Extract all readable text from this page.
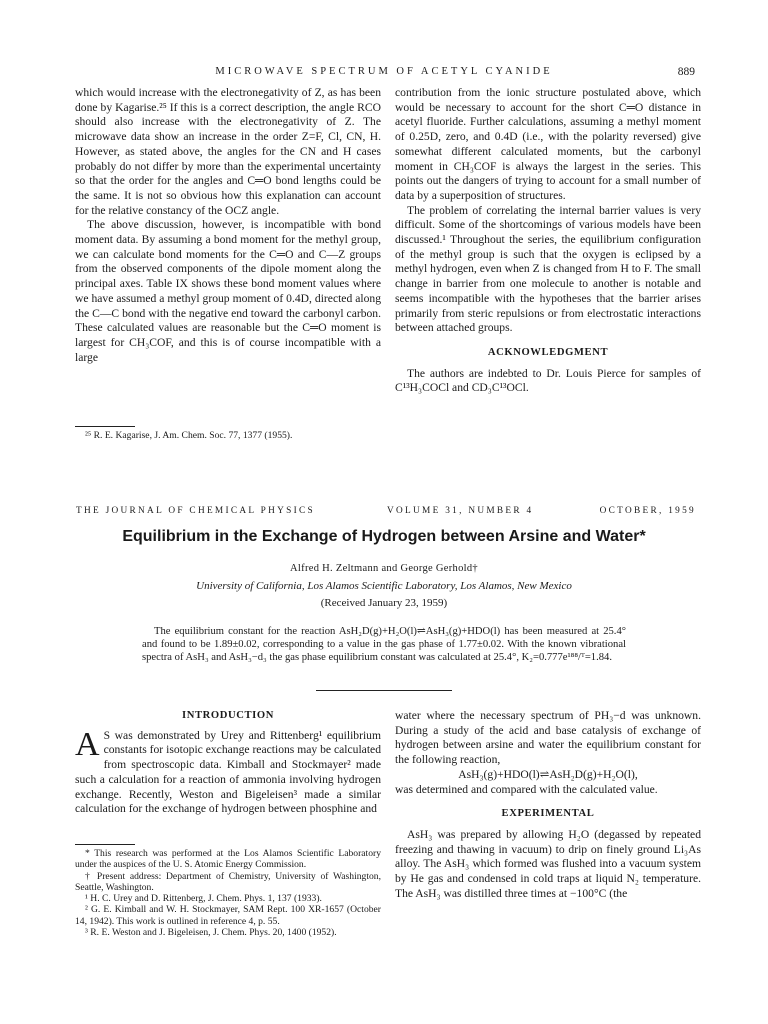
MICROWAVE SPECTRUM OF ACETYL CYANIDE	889

which would increase with the electronegativity of Z, as has been done by Kagarise.²⁵ If this is a correct description, the angle RCO should also increase with the electronegativity of Z. The microwave data show an increase in the order Z=F, Cl, CN, H. However, as stated above, the angles for the CN and H cases probably do not differ by more than the experimental uncertainty so that the order for the angles and C═O bond lengths could be the same. It is not so obvious how this explanation can account for the relative constancy of the OCZ angle.

The above discussion, however, is incompatible with bond moment data. By assuming a bond moment for the methyl group, we can calculate bond moments for the C═O and C—Z groups from the observed components of the dipole moment along the principal axes. Table IX shows these bond moment values where we have assumed a methyl group moment of 0.4D, directed along the C—C bond with the negative end toward the carbonyl carbon. These calculated values are reasonable but the C═O moment is largest for CH₃COF, and this is of course incompatible with a large

²⁵ R. E. Kagarise, J. Am. Chem. Soc. 77, 1377 (1955).

contribution from the ionic structure postulated above, which would be necessary to account for the short C═O distance in acetyl fluoride. Further calculations, assuming a methyl moment of 0.25D, zero, and 0.4D (i.e., with the polarity reversed) give somewhat different calculated moments, but the carbonyl moment in CH₃COF is always the largest in the series. This points out the dangers of trying to account for a small number of data by a superposition of structures.

The problem of correlating the internal barrier values is very difficult. Some of the shortcomings of various models have been discussed.¹ Throughout the series, the equilibrium configuration of the methyl group is such that the oxygen is eclipsed by a methyl hydrogen, even when Z is changed from H to F. The small change in barrier from one molecule to another is notable and seems incompatible with the hypotheses that the barrier arises primarily from steric repulsions or from electrostatic interactions between attached groups.

ACKNOWLEDGMENT

The authors are indebted to Dr. Louis Pierce for samples of C¹³H₃COCl and CD₃C¹³OCl.

THE JOURNAL OF CHEMICAL PHYSICS	VOLUME 31, NUMBER 4	OCTOBER, 1959
Equilibrium in the Exchange of Hydrogen between Arsine and Water*
Alfred H. Zeltmann and George Gerhold†
University of California, Los Alamos Scientific Laboratory, Los Alamos, New Mexico
(Received January 23, 1959)

The equilibrium constant for the reaction AsH₂D(g)+H₂O(l)⇌AsH₃(g)+HDO(l) has been measured at 25.4° and found to be 1.89±0.02, corresponding to a value in the gas phase of 1.77±0.02. With the known vibrational spectra of AsH₃ and AsH₃−d₃ the gas phase equilibrium constant was calculated at 25.4°, K₂=0.777e¹⁸⁸/ᵀ=1.84.

INTRODUCTION

A S was demonstrated by Urey and Rittenberg¹ equilibrium constants for isotopic exchange reactions may be calculated from spectroscopic data. Kimball and Stockmayer² made such a calculation for a reaction of ammonia involving hydrogen exchange. Recently, Weston and Bigeleisen³ made a similar calculation for the exchange of hydrogen between phosphine and

* This research was performed at the Los Alamos Scientific Laboratory under the auspices of the U. S. Atomic Energy Commission.

† Present address: Department of Chemistry, University of Washington, Seattle, Washington.

¹ H. C. Urey and D. Rittenberg, J. Chem. Phys. 1, 137 (1933).

² G. E. Kimball and W. H. Stockmayer, SAM Rept. 100 XR-1657 (October 14, 1942). This work is outlined in reference 4, p. 55.

³ R. E. Weston and J. Bigeleisen, J. Chem. Phys. 20, 1400 (1952).

water where the necessary spectrum of PH₃−d was unknown. During a study of the acid and base catalysis of exchange of hydrogen between arsine and water the equilibrium constant for the following reaction,

AsH₃(g)+HDO(l)⇌AsH₂D(g)+H₂O(l),

was determined and compared with the calculated value.

EXPERIMENTAL

AsH₃ was prepared by allowing H₂O (degassed by repeated freezing and thawing in vacuum) to drip on finely ground Li₃As alloy. The AsH₃ which formed was flushed into a vacuum system by He gas and condensed in cold traps at liquid N₂ temperature. The AsH₃ was distilled three times at −100°C (the
